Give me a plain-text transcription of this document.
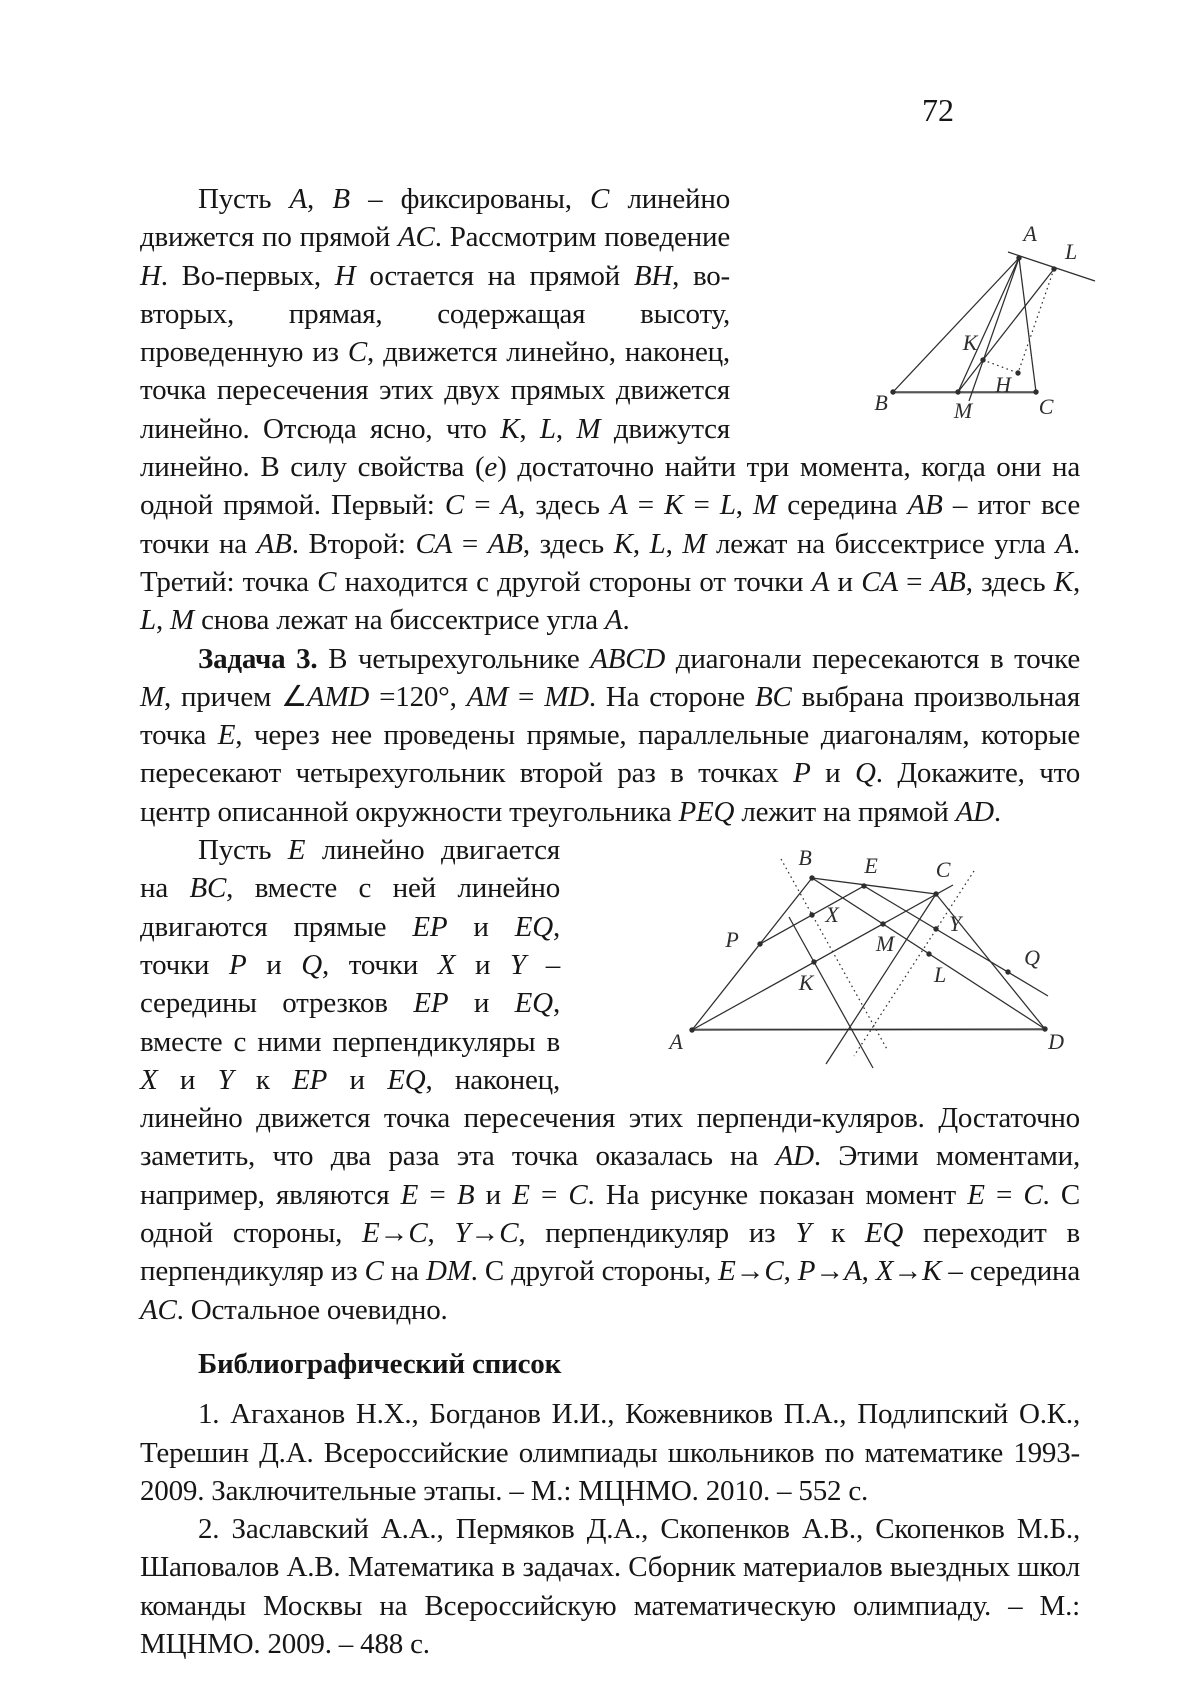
72

A
L
B	M	C
K
H
Пусть A, B – фиксированы, C линейно движется по прямой AC. Рассмотрим поведение H. Во-первых, H остается на прямой BH, во-вторых, прямая, содержащая высоту, проведенную из C, движется линейно, наконец, точка пересечения этих двух прямых движется линейно. Отсюда ясно, что K, L, M движутся линейно. В силу свойства (e) достаточно найти три момента, когда они на одной прямой. Первый: C = A, здесь A = K = L, M середина AB – итог все точки на AB. Второй: CA = AB, здесь K, L, M лежат на биссектрисе угла A. Третий: точка C находится с другой стороны от точки A и CA = AB, здесь K, L, M снова лежат на биссектрисе угла A.

Задача 3. В четырехугольнике ABCD диагонали пересекаются в точке M, причем ∠AMD =120°, AM = MD. На стороне BC выбрана произвольная точка E, через нее проведены прямые, параллельные диагоналям, которые пересекают четырехугольник второй раз в точках P и Q. Докажите, что центр описанной окружности треугольника PEQ лежит на прямой AD.

B E	C
P
X
M
Y
K	L
Q
A	D
Пусть E линейно двигается на BC, вместе с ней линейно двигаются прямые EP и EQ, точки P и Q, точки X и Y – середины отрезков EP и EQ, вместе с ними перпендикуляры в X и Y к EP и EQ, наконец, линейно движется точка пересечения этих перпенди-куляров. Достаточно заметить, что два раза эта точка оказалась на AD. Этими моментами, например, являются E = B и E = C. На рисунке показан момент E = C. С одной стороны, E→C, Y→C, перпендикуляр из Y к EQ переходит в перпендикуляр из C на DM. С другой стороны, E→C, P→A, X→K – середина AC. Остальное очевидно.

Библиографический список

1. Агаханов Н.Х., Богданов И.И., Кожевников П.А., Подлипский О.К., Терешин Д.А. Всероссийские олимпиады школьников по математике 1993-2009. Заключительные этапы. – М.: МЦНМО. 2010. – 552 с.

2. Заславский А.А., Пермяков Д.А., Скопенков А.В., Скопенков М.Б., Шаповалов А.В. Математика в задачах. Сборник материалов выездных школ команды Москвы на Всероссийскую математическую олимпиаду. – М.: МЦНМО. 2009. – 488 с.
